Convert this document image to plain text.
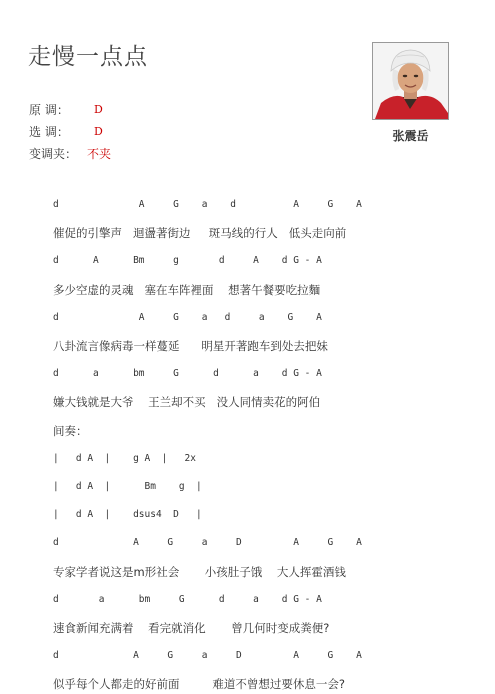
走慢一点点
原 调： D
选 调： D
变调夹： 不夹
张震岳
d              A     G    a    d          A     G    A
催促的引擎声   迴盪著街边     斑马线的行人   低头走向前
d      A      Bm     g       d     A    d G - A
多少空虚的灵魂   塞在车阵裡面    想著午餐要吃拉麵
d              A     G    a   d     a    G    A
八卦流言像病毒一样蔓延      明星开著跑车到处去把妹
d      a      bm     G      d      a    d G - A
嫌大钱就是大爷    王兰却不买   没人同情卖花的阿伯
间奏：
|   d A  |    g A  |   2x
|   d A  |      Bm    g  |
|   d A  |    dsus4  D   |
d             A     G     a     D         A     G    A
专家学者说这是m形社会       小孩肚子饿    大人挥霍酒钱
d       a      bm     G      d     a    d G - A
速食新闻充满着    看完就消化       曾几何时变成粪便?
d             A     G     a     D         A     G    A
似乎每个人都走的好前面         难道不曾想过要休息一会?
